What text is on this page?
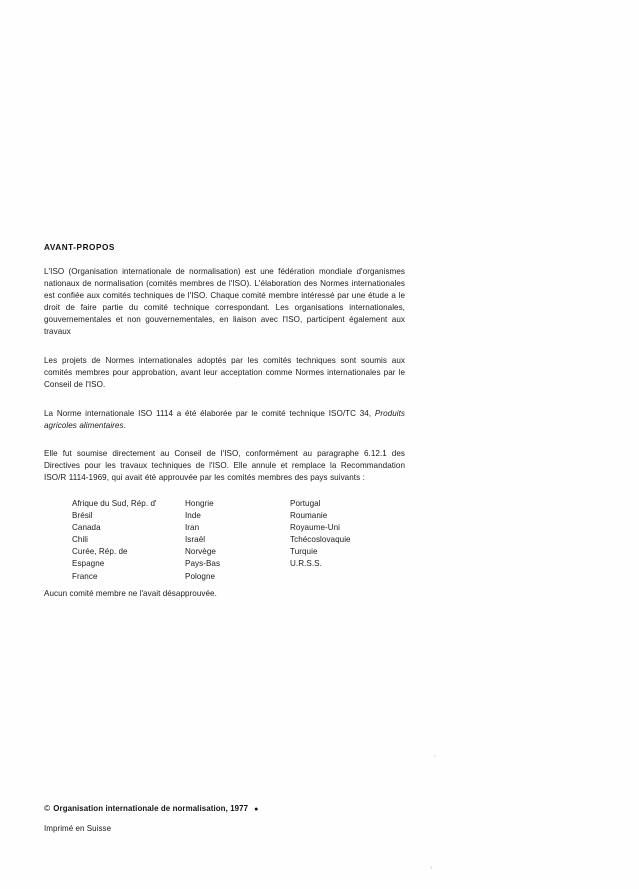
AVANT-PROPOS

L'ISO (Organisation internationale de normalisation) est une fédération mondiale d'organismes nationaux de normalisation (comités membres de l'ISO). L'élaboration des Normes internationales est confiée aux comités techniques de l'ISO. Chaque comité membre intéressé par une étude a le droit de faire partie du comité technique correspondant. Les organisations internationales, gouvernementales et non gouvernementales, en liaison avec l'ISO, participent également aux travaux

Les projets de Normes internationales adoptés par les comités techniques sont soumis aux comités membres pour approbation, avant leur acceptation comme Normes internationales par le Conseil de l'ISO.

La Norme internationale ISO 1114 a été élaborée par le comité technique ISO/TC 34, Produits agricoles alimentaires.

Elle fut soumise directement au Conseil de l'ISO, conformément au paragraphe 6.12.1 des Directives pour les travaux techniques de l'ISO. Elle annule et remplace la Recommandation ISO/R 1114-1969, qui avait été approuvée par les comités membres des pays suivants :

Afrique du Sud, Rép. d'
Brésil
Canada
Chili
Curée, Rép. de
Espagne
France
Hongrie
Inde
Iran
Israël
Norvège
Pays-Bas
Pologne
Portugal
Roumanie
Royaume-Uni
Tchécoslovaquie
Turquie
U.R.S.S.
Aucun comité membre ne l'avait désapprouvée.
© Organisation internationale de normalisation, 1977 ●
Imprimé en Suisse
